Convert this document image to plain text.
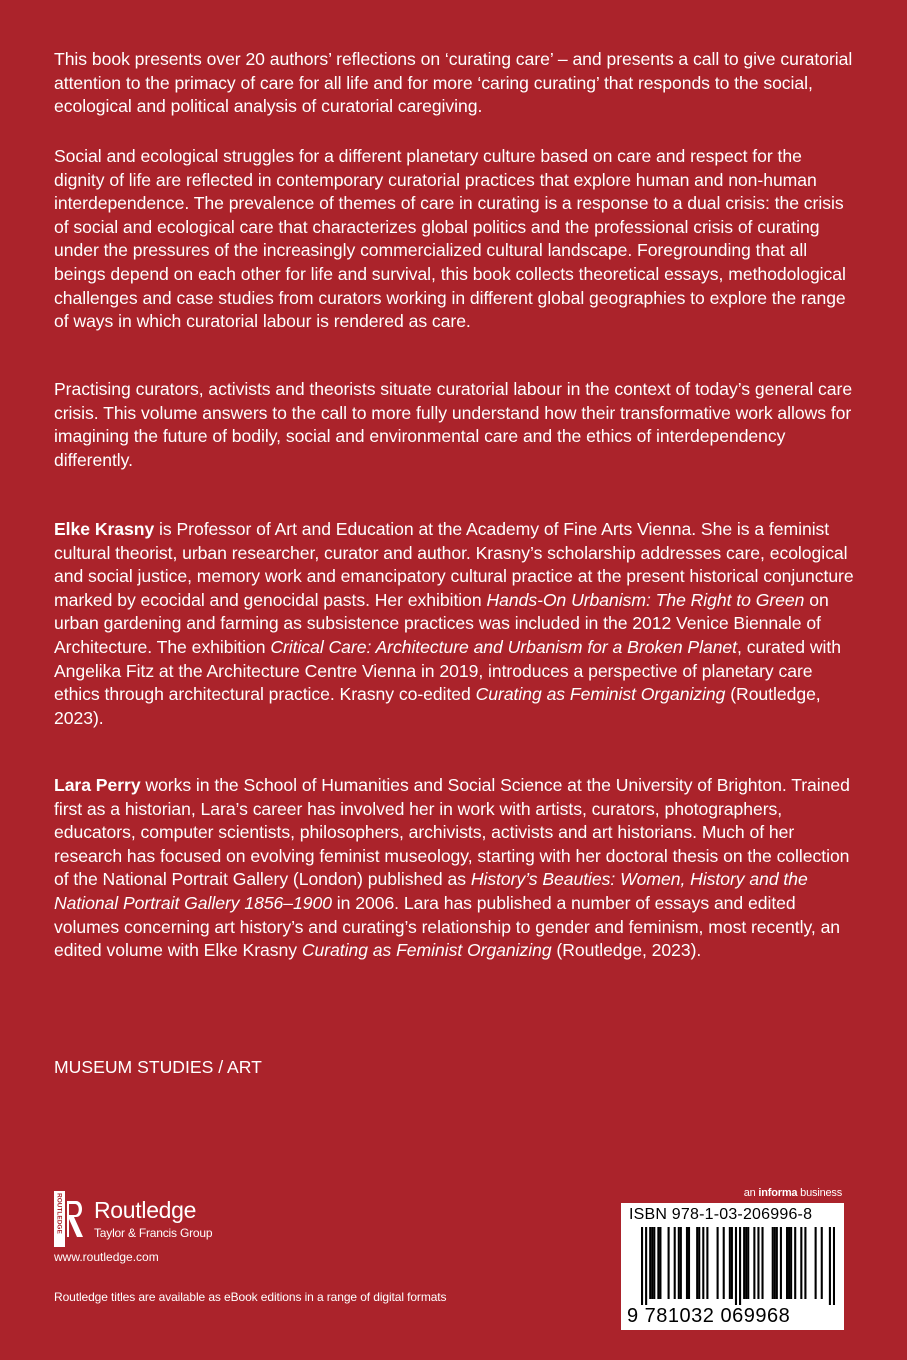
This book presents over 20 authors’ reflections on ‘curating care’ – and presents a call to give curatorial attention to the primacy of care for all life and for more ‘caring curating’ that responds to the social, ecological and political analysis of curatorial caregiving.

Social and ecological struggles for a different planetary culture based on care and respect for the dignity of life are reflected in contemporary curatorial practices that explore human and non-human interdependence. The prevalence of themes of care in curating is a response to a dual crisis: the crisis of social and ecological care that characterizes global politics and the professional crisis of curating under the pressures of the increasingly commercialized cultural landscape. Foregrounding that all beings depend on each other for life and survival, this book collects theoretical essays, methodological challenges and case studies from curators working in different global geographies to explore the range of ways in which curatorial labour is rendered as care.

Practising curators, activists and theorists situate curatorial labour in the context of today’s general care crisis. This volume answers to the call to more fully understand how their transformative work allows for imagining the future of bodily, social and environmental care and the ethics of interdependency differently.

Elke Krasny is Professor of Art and Education at the Academy of Fine Arts Vienna. She is a feminist cultural theorist, urban researcher, curator and author. Krasny’s scholarship addresses care, ecological and social justice, memory work and emancipatory cultural practice at the present historical conjuncture marked by ecocidal and genocidal pasts. Her exhibition Hands-On Urbanism: The Right to Green on urban gardening and farming as subsistence practices was included in the 2012 Venice Biennale of Architecture. The exhibition Critical Care: Architecture and Urbanism for a Broken Planet, curated with Angelika Fitz at the Architecture Centre Vienna in 2019, introduces a perspective of planetary care ethics through architectural practice. Krasny co-edited Curating as Feminist Organizing (Routledge, 2023).

Lara Perry works in the School of Humanities and Social Science at the University of Brighton. Trained first as a historian, Lara’s career has involved her in work with artists, curators, photographers, educators, computer scientists, philosophers, archivists, activists and art historians. Much of her research has focused on evolving feminist museology, starting with her doctoral thesis on the collection of the National Portrait Gallery (London) published as History’s Beauties: Women, History and the National Portrait Gallery 1856–1900 in 2006. Lara has published a number of essays and edited volumes concerning art history’s and curating’s relationship to gender and feminism, most recently, an edited volume with Elke Krasny Curating as Feminist Organizing (Routledge, 2023).

MUSEUM STUDIES / ART
ROUTLEDGE Routledge
Taylor & Francis Group
www.routledge.com
Routledge titles are available as eBook editions in a range of digital formats
an informa business
ISBN 978-1-03-206996-8
9 781032 069968
